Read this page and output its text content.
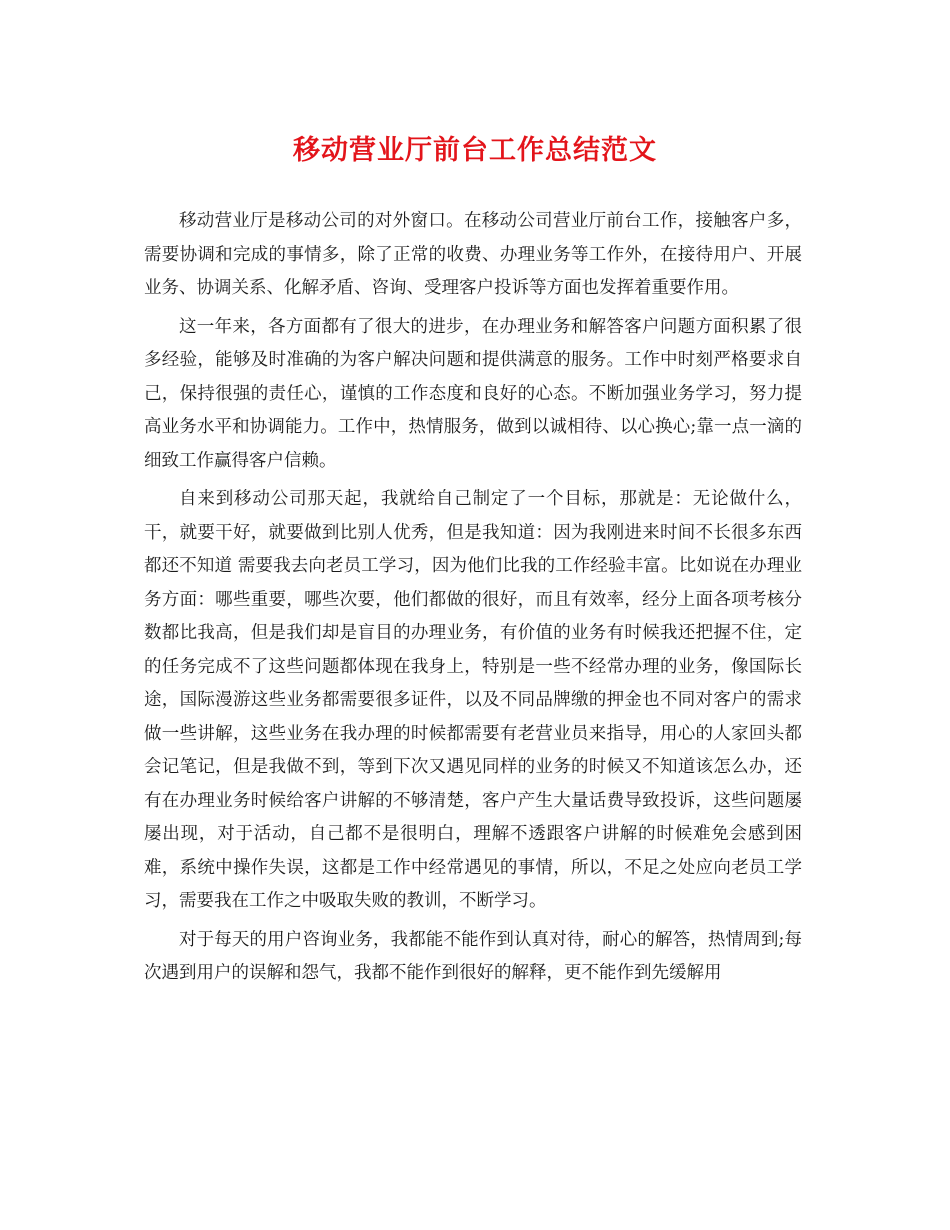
移动营业厅前台工作总结范文

移动营业厅是移动公司的对外窗口。在移动公司营业厅前台工作，接触客户多，需要协调和完成的事情多，除了正常的收费、办理业务等工作外，在接待用户、开展业务、协调关系、化解矛盾、咨询、受理客户投诉等方面也发挥着重要作用。

这一年来，各方面都有了很大的进步，在办理业务和解答客户问题方面积累了很多经验，能够及时准确的为客户解决问题和提供满意的服务。工作中时刻严格要求自己，保持很强的责任心，谨慎的工作态度和良好的心态。不断加强业务学习，努力提高业务水平和协调能力。工作中，热情服务，做到以诚相待、以心换心;靠一点一滴的细致工作赢得客户信赖。

自来到移动公司那天起，我就给自己制定了一个目标，那就是：无论做什么，干，就要干好，就要做到比别人优秀，但是我知道：因为我刚进来时间不长很多东西都还不知道 需要我去向老员工学习，因为他们比我的工作经验丰富。比如说在办理业务方面：哪些重要，哪些次要，他们都做的很好，而且有效率，经分上面各项考核分数都比我高，但是我们却是盲目的办理业务，有价值的业务有时候我还把握不住，定的任务完成不了这些问题都体现在我身上，特别是一些不经常办理的业务，像国际长途，国际漫游这些业务都需要很多证件，以及不同品牌缴的押金也不同对客户的需求做一些讲解，这些业务在我办理的时候都需要有老营业员来指导，用心的人家回头都会记笔记，但是我做不到，等到下次又遇见同样的业务的时候又不知道该怎么办，还有在办理业务时候给客户讲解的不够清楚，客户产生大量话费导致投诉，这些问题屡屡出现，对于活动，自己都不是很明白，理解不透跟客户讲解的时候难免会感到困难，系统中操作失误，这都是工作中经常遇见的事情，所以，不足之处应向老员工学习，需要我在工作之中吸取失败的教训，不断学习。

对于每天的用户咨询业务，我都能不能作到认真对待，耐心的解答，热情周到;每次遇到用户的误解和怨气，我都不能作到很好的解释，更不能作到先缓解用
